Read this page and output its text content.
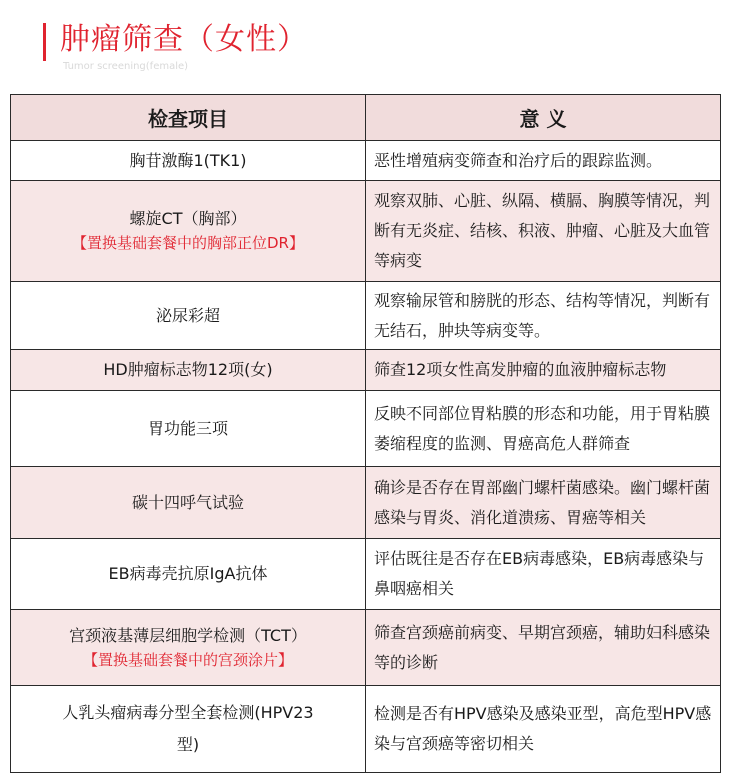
肿瘤筛查（女性）
Tumor screening(female)
检查项目	意 义
胸苷激酶1(TK1)	恶性增殖病变筛查和治疗后的跟踪监测。

螺旋CT（胸部）
【置换基础套餐中的胸部正位DR】	观察双肺、心脏、纵隔、横膈、胸膜等情况，判断有无炎症、结核、积液、肿瘤、心脏及大血管等病变
泌尿彩超	观察输尿管和膀胱的形态、结构等情况，判断有无结石，肿块等病变等。
HD肿瘤标志物12项(女)	筛查12项女性高发肿瘤的血液肿瘤标志物
胃功能三项	反映不同部位胃粘膜的形态和功能，用于胃粘膜萎缩程度的监测、胃癌高危人群筛查
碳十四呼气试验	确诊是否存在胃部幽门螺杆菌感染。幽门螺杆菌感染与胃炎、消化道溃疡、胃癌等相关
EB病毒壳抗原IgA抗体	评估既往是否存在EB病毒感染，EB病毒感染与鼻咽癌相关

宫颈液基薄层细胞学检测（TCT）
【置换基础套餐中的宫颈涂片】	筛查宫颈癌前病变、早期宫颈癌，辅助妇科感染等的诊断

人乳头瘤病毒分型全套检测(HPV23型)	检测是否有HPV感染及感染亚型，高危型HPV感染与宫颈癌等密切相关
